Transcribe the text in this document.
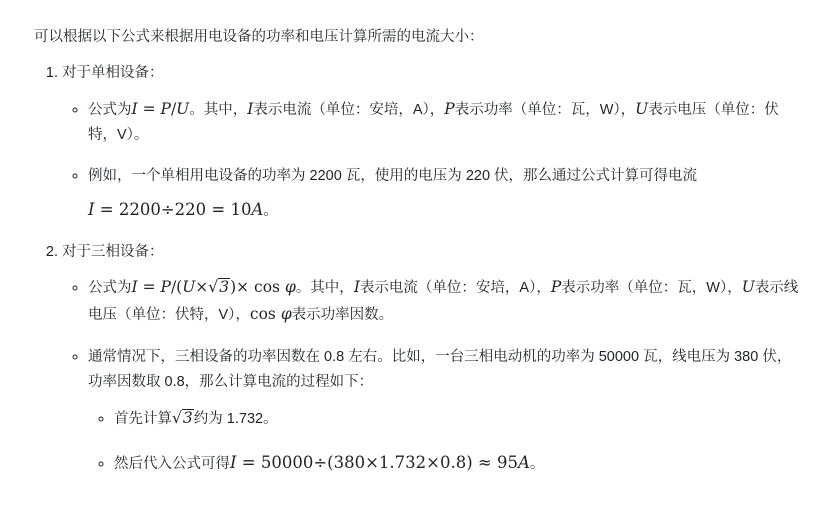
可以根据以下公式来根据用电设备的功率和电压计算所需的电流大小：

1. 对于单相设备：
◦ 公式为I = P/U。其中，I表示电流（单位：安培，A），P表示功率（单位：瓦，W），U表示电压（单位：伏特，V）。
◦ 例如，一个单相用电设备的功率为 2200 瓦，使用的电压为 220 伏，那么通过公式计算可得电流
I = 2200÷220 = 10A。
2. 对于三相设备：
◦ 公式为I = P/(U×√3)× cos φ。其中，I表示电流（单位：安培，A），P表示功率（单位：瓦，W），U表示线电压（单位：伏特，V），cos φ表示功率因数。
◦ 通常情况下，三相设备的功率因数在 0.8 左右。比如，一台三相电动机的功率为 50000 瓦，线电压为 380 伏，功率因数取 0.8，那么计算电流的过程如下：
◦ 首先计算√3约为 1.732。
◦ 然后代入公式可得I = 50000÷(380×1.732×0.8) ≈ 95A。
